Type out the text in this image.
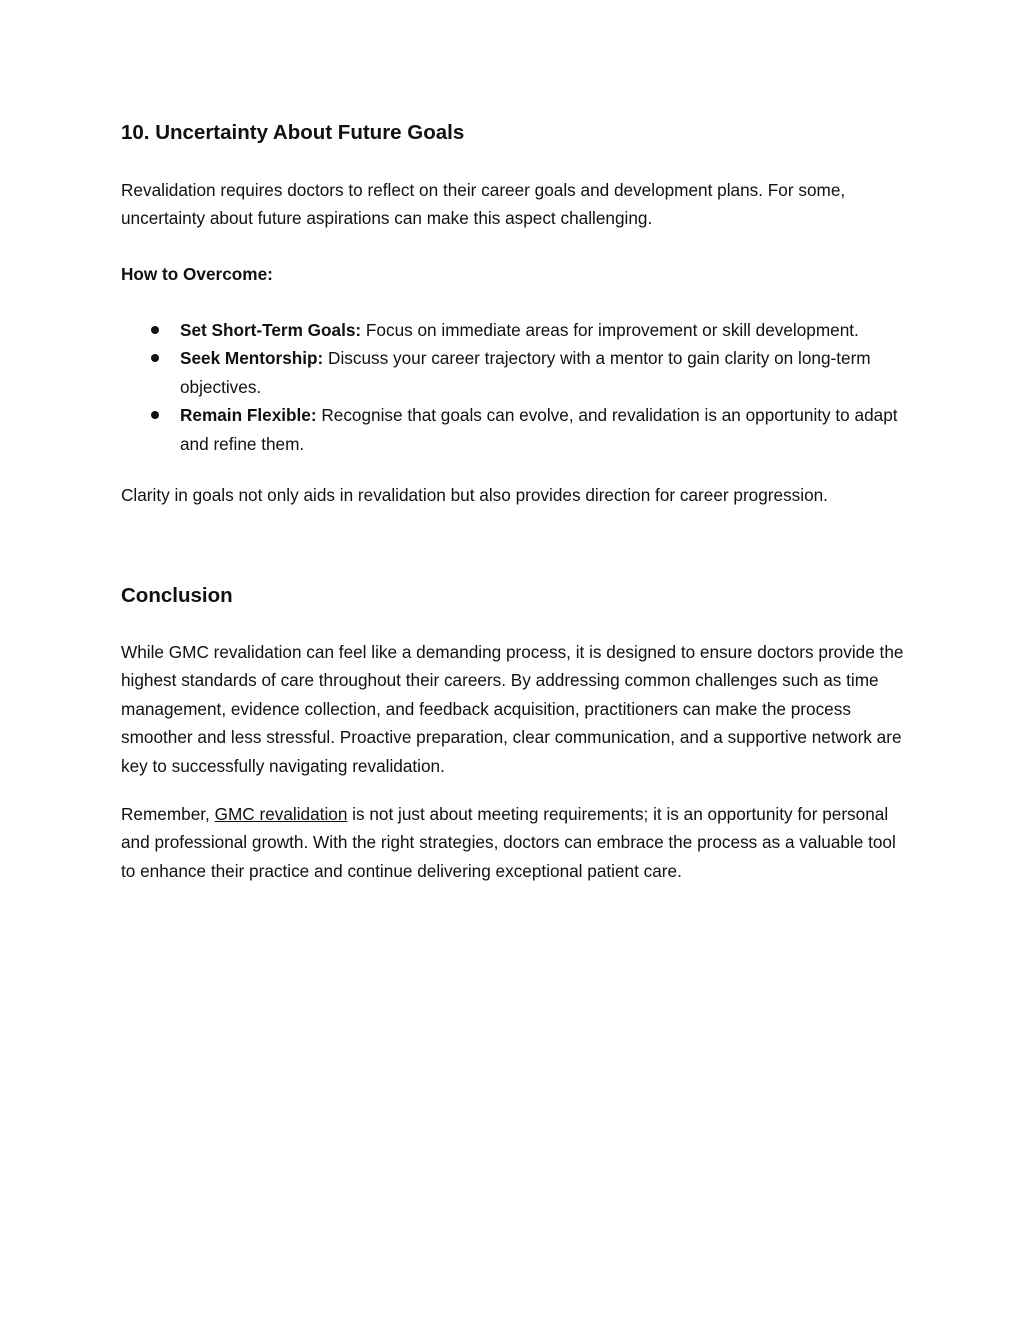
10. Uncertainty About Future Goals

Revalidation requires doctors to reflect on their career goals and development plans. For some, uncertainty about future aspirations can make this aspect challenging.

How to Overcome:

Set Short-Term Goals: Focus on immediate areas for improvement or skill development.
Seek Mentorship: Discuss your career trajectory with a mentor to gain clarity on long-term objectives.
Remain Flexible: Recognise that goals can evolve, and revalidation is an opportunity to adapt and refine them.

Clarity in goals not only aids in revalidation but also provides direction for career progression.

Conclusion

While GMC revalidation can feel like a demanding process, it is designed to ensure doctors provide the highest standards of care throughout their careers. By addressing common challenges such as time management, evidence collection, and feedback acquisition, practitioners can make the process smoother and less stressful. Proactive preparation, clear communication, and a supportive network are key to successfully navigating revalidation.

Remember, GMC revalidation is not just about meeting requirements; it is an opportunity for personal and professional growth. With the right strategies, doctors can embrace the process as a valuable tool to enhance their practice and continue delivering exceptional patient care.
